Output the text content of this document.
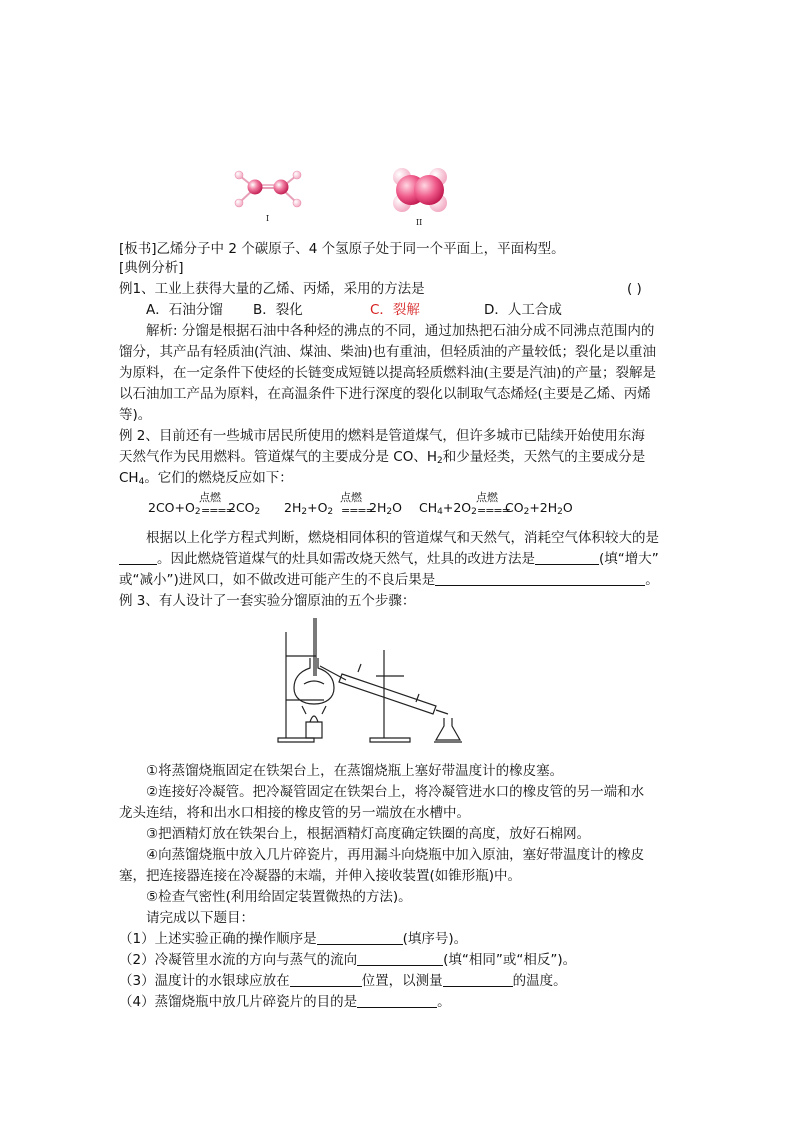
I	II
[板书]乙烯分子中 2 个碳原子、4 个氢原子处于同一个平面上，平面构型。
[典例分析]
例1、工业上获得大量的乙烯、丙烯，采用的方法是	( )
A．石油分馏 B．裂化	C．裂解	D．人工合成
解析: 分馏是根据石油中各种烃的沸点的不同，通过加热把石油分成不同沸点范围内的
馏分，其产品有轻质油(汽油、煤油、柴油)也有重油，但轻质油的产量较低；裂化是以重油
为原料，在一定条件下使烃的长链变成短链以提高轻质燃料油(主要是汽油)的产量；裂解是
以石油加工产品为原料，在高温条件下进行深度的裂化以制取气态烯烃(主要是乙烯、丙烯
等)。
例 2、目前还有一些城市居民所使用的燃料是管道煤气，但许多城市已陆续开始使用东海
天然气作为民用燃料。管道煤气的主要成分是 CO、$H_2$和少量烃类，天然气的主要成分是
$CH_4$。它们的燃烧反应如下：
$2CO+O_2$
点燃
====
$2CO_2$ $2H_2+O_2$
点燃
====
$2H_2O$ $CH_4+2O_2$
点燃
====
$CO_2+2H_2O$
根据以上化学方程式判断，燃烧相同体积的管道煤气和天然气，消耗空气体积较大的是
。因此燃烧管道煤气的灶具如需改烧天然气，灶具的改进方法是	(填“增大”
或“减小”)进风口，如不做改进可能产生的不良后果是	。
例 3、有人设计了一套实验分馏原油的五个步骤：
①将蒸馏烧瓶固定在铁架台上，在蒸馏烧瓶上塞好带温度计的橡皮塞。
②连接好冷凝管。把冷凝管固定在铁架台上，将冷凝管进水口的橡皮管的另一端和水
龙头连结，将和出水口相接的橡皮管的另一端放在水槽中。
③把酒精灯放在铁架台上，根据酒精灯高度确定铁圈的高度，放好石棉网。
④向蒸馏烧瓶中放入几片碎瓷片，再用漏斗向烧瓶中加入原油，塞好带温度计的橡皮
塞，把连接器连接在冷凝器的末端，并伸入接收装置(如锥形瓶)中。
⑤检查气密性(利用给固定装置微热的方法)。
请完成以下题目：
（1）上述实验正确的操作顺序是	(填序号)。
（2）冷凝管里水流的方向与蒸气的流向	(填“相同”或“相反”)。
（3）温度计的水银球应放在	位置，以测量	的温度。
（4）蒸馏烧瓶中放几片碎瓷片的目的是	。
